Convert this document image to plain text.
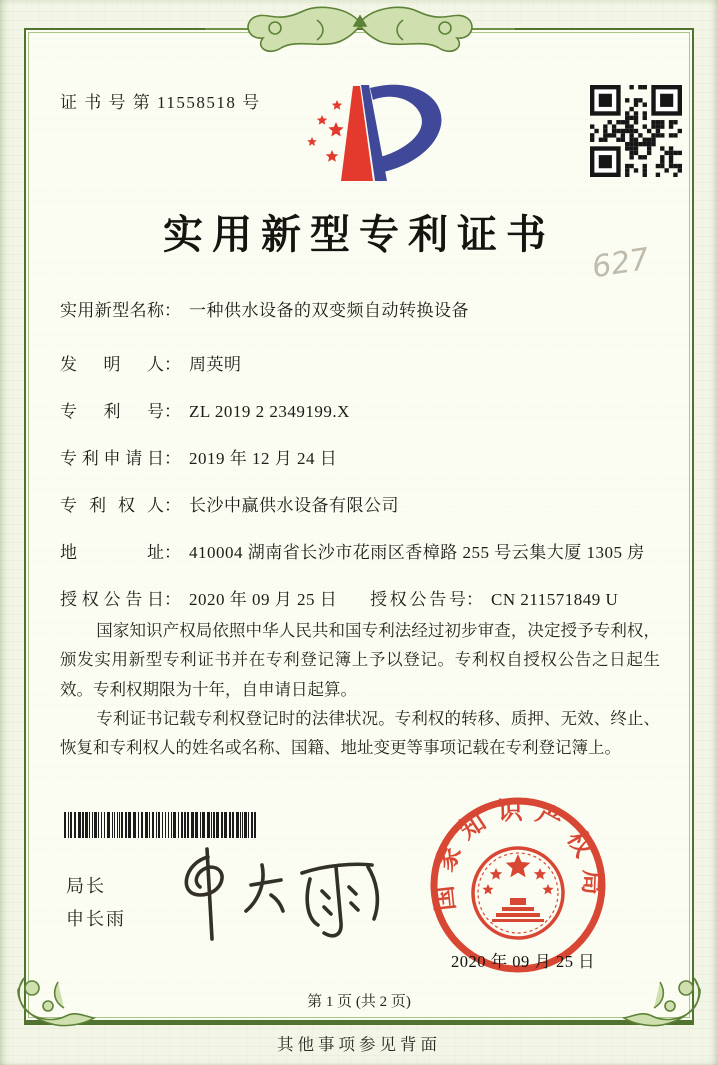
证 书 号 第 11558518 号
实用新型专利证书
627
实用新型名称： 一种供水设备的双变频自动转换设备
发明人： 周英明
专利号： ZL 2019 2 2349199.X
专利申请日： 2019 年 12 月 24 日
专利权人： 长沙中赢供水设备有限公司
地址： 410004 湖南省长沙市花雨区香樟路 255 号云集大厦 1305 房
授权公告日： 2020 年 09 月 25 日 授权公告号： CN 211571849 U

国家知识产权局依照中华人民共和国专利法经过初步审查，决定授予专利权，颁发实用新型专利证书并在专利登记簿上予以登记。专利权自授权公告之日起生效。专利权期限为十年，自申请日起算。

专利证书记载专利权登记时的法律状况。专利权的转移、质押、无效、终止、恢复和专利权人的姓名或名称、国籍、地址变更等事项记载在专利登记簿上。

局长
申长雨
国家知识产权局
2020 年 09 月 25 日
第 1 页 (共 2 页)
其他事项参见背面
